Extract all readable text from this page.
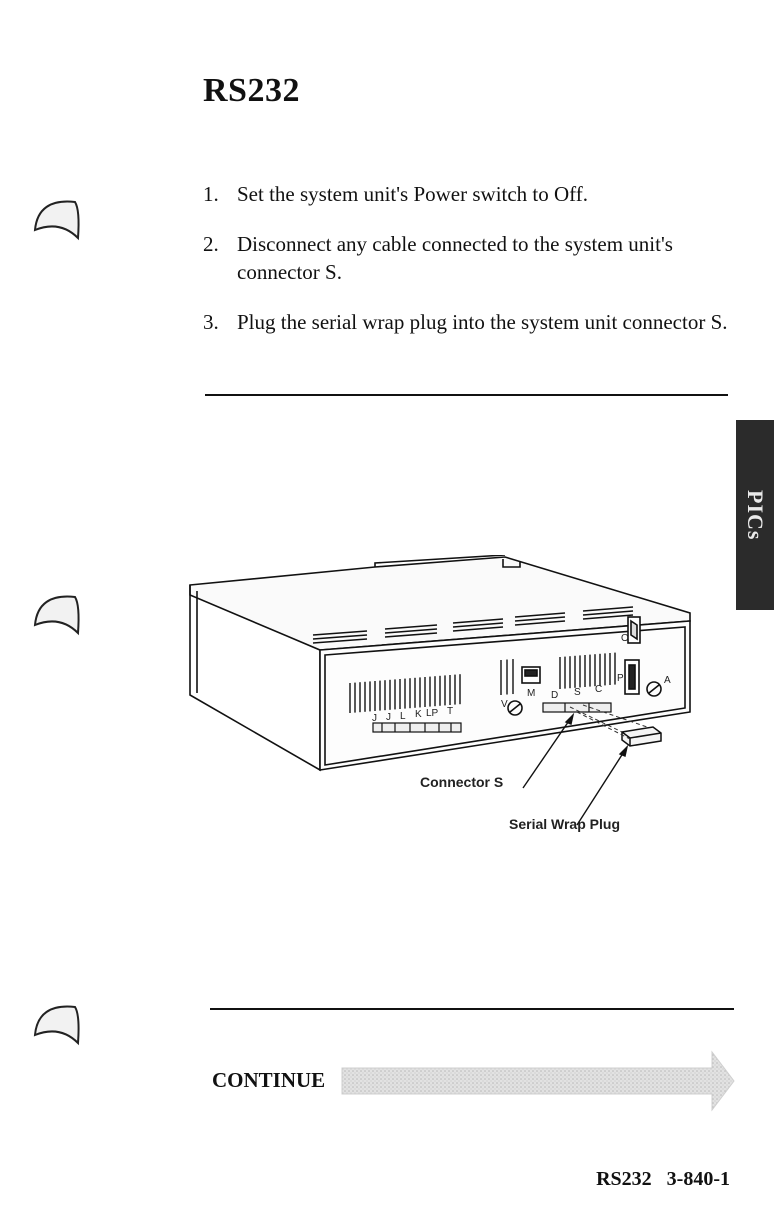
RS232
1. Set the system unit's Power switch to Off.
2. Disconnect any cable connected to the system unit's connector S.
3. Plug the serial wrap plug into the system unit connector S.
PICs
J J L K LP T
M
V
D S C
P	A
O
Connector S
Serial Wrap Plug
CONTINUE
RS232 3-840-1
